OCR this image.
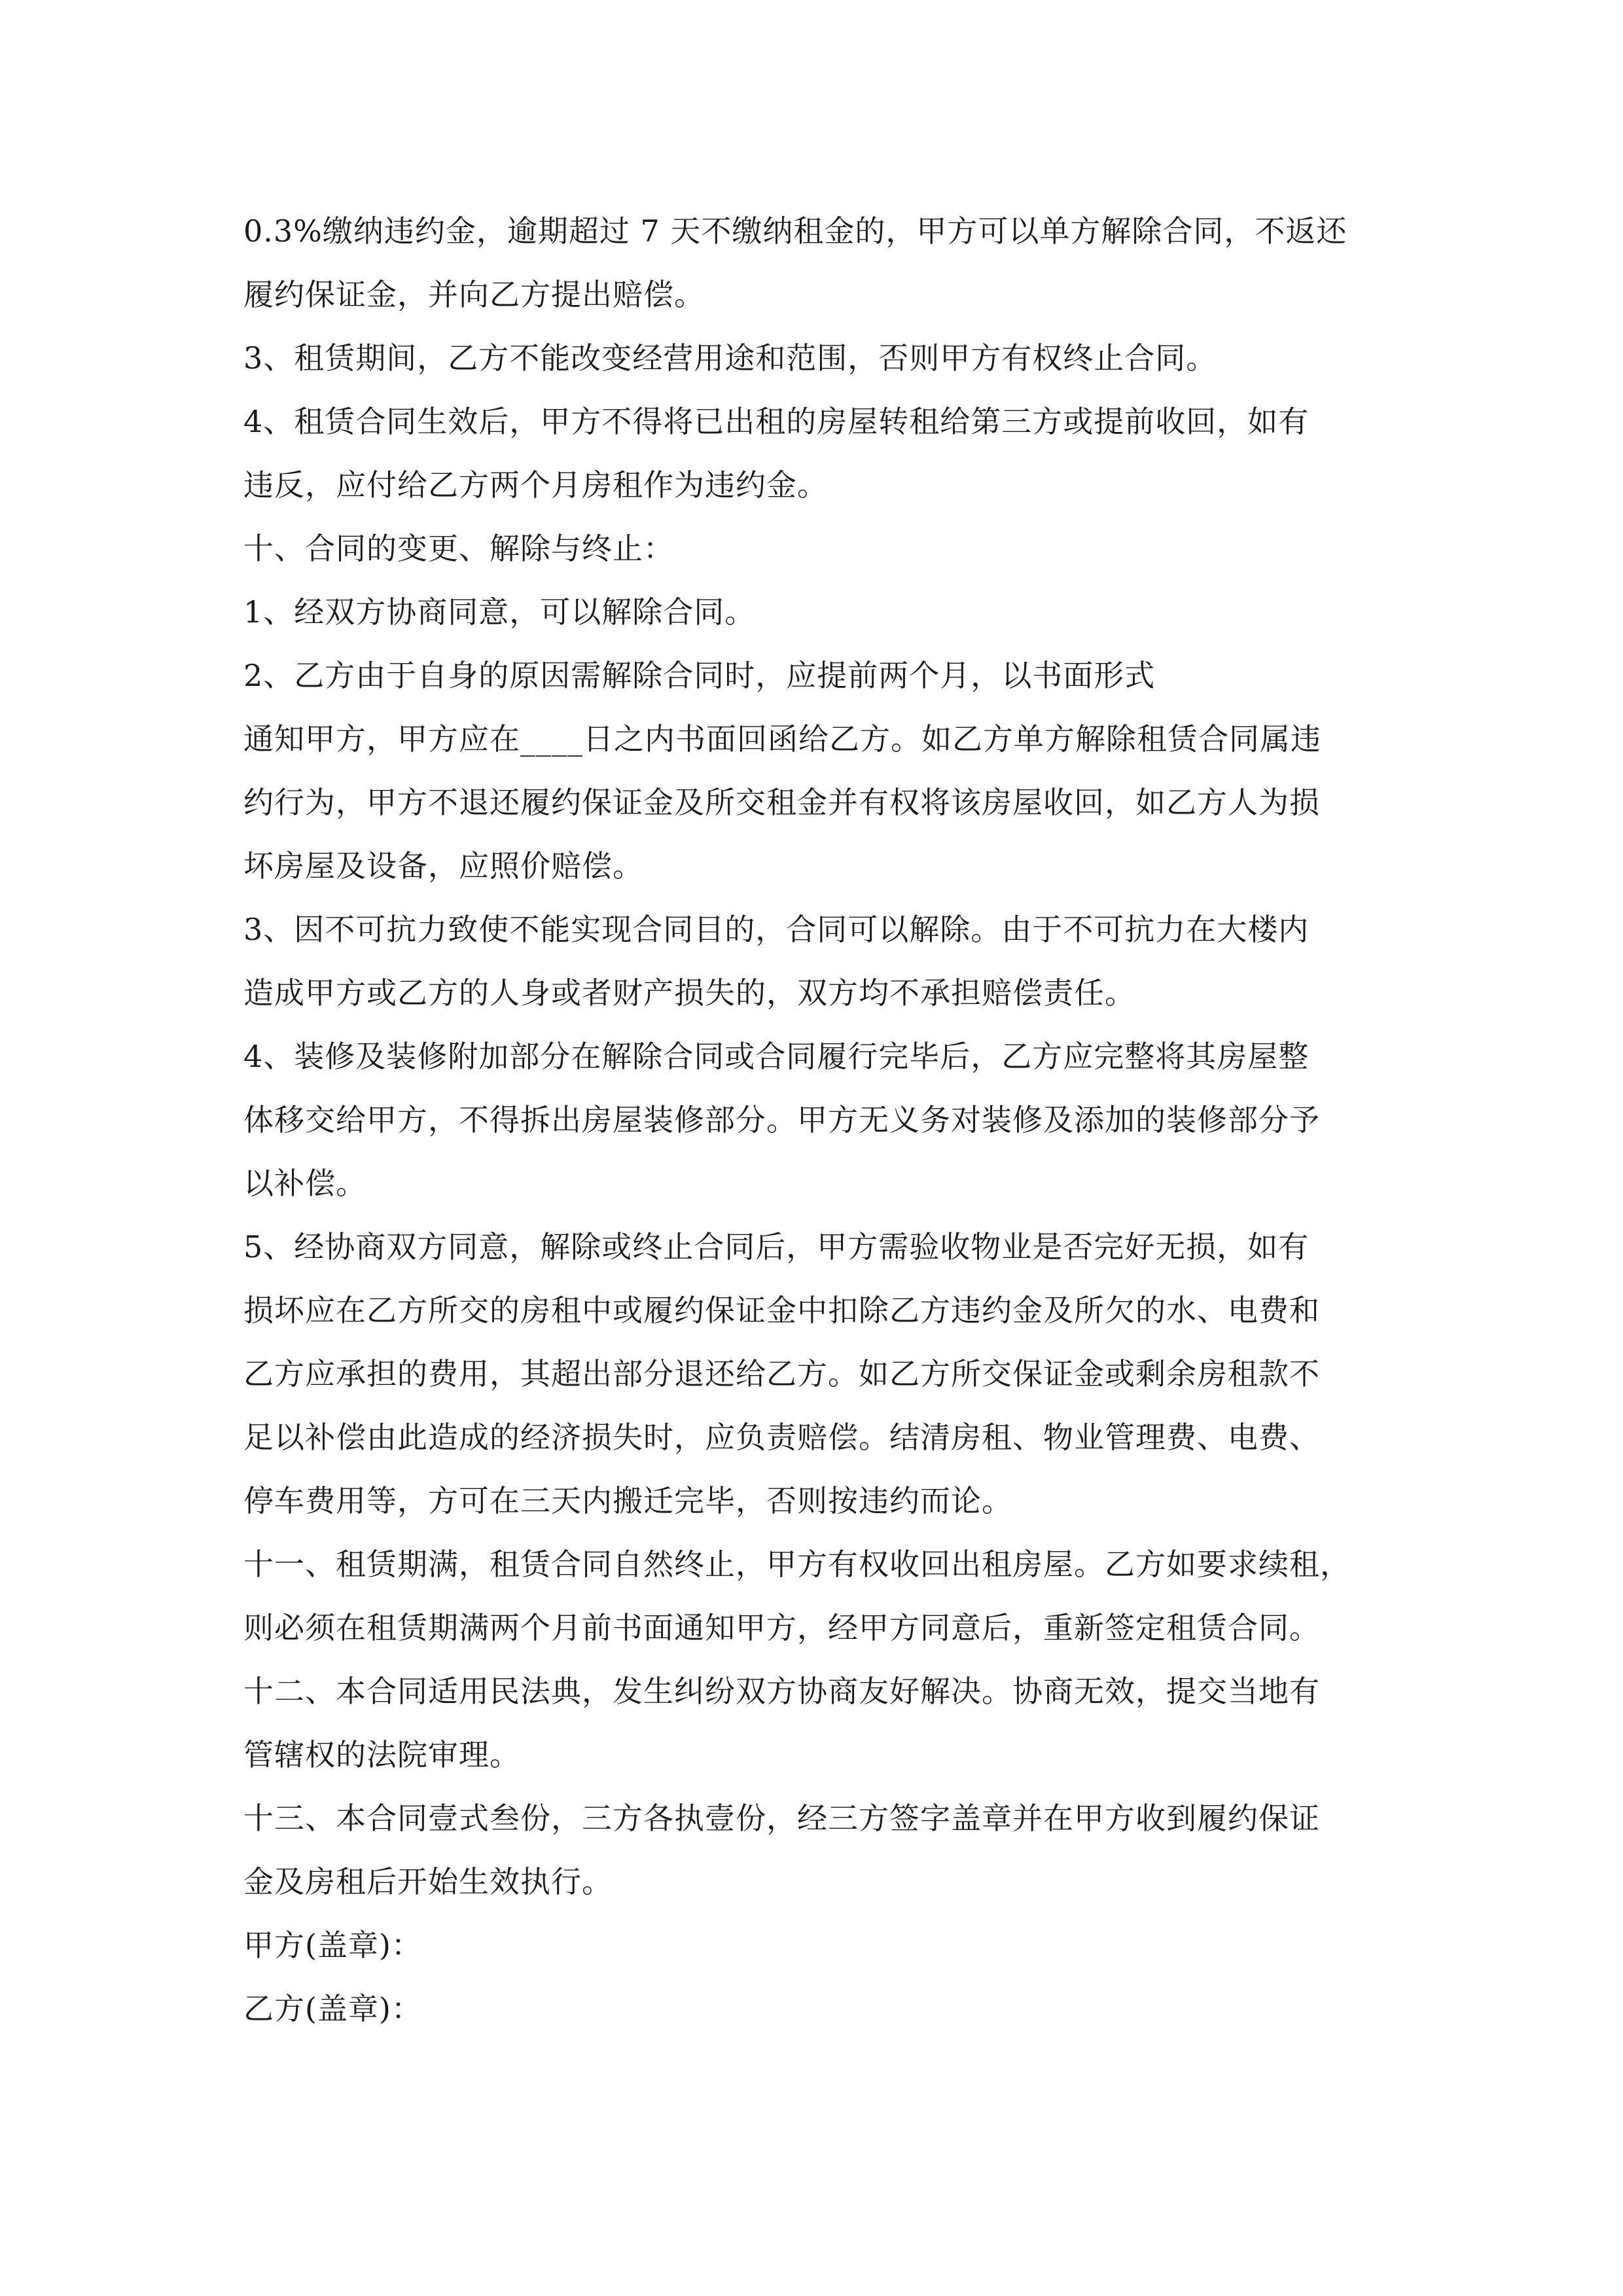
0.3%缴纳违约金，逾期超过 7 天不缴纳租金的，甲方可以单方解除合同，不返还
履约保证金，并向乙方提出赔偿。

3、租赁期间，乙方不能改变经营用途和范围，否则甲方有权终止合同。

4、租赁合同生效后，甲方不得将已出租的房屋转租给第三方或提前收回，如有
违反，应付给乙方两个月房租作为违约金。

十、合同的变更、解除与终止：

1、经双方协商同意，可以解除合同。

2、乙方由于自身的原因需解除合同时，应提前两个月，以书面形式

通知甲方，甲方应在____日之内书面回函给乙方。如乙方单方解除租赁合同属违
约行为，甲方不退还履约保证金及所交租金并有权将该房屋收回，如乙方人为损
坏房屋及设备，应照价赔偿。

3、因不可抗力致使不能实现合同目的，合同可以解除。由于不可抗力在大楼内
造成甲方或乙方的人身或者财产损失的，双方均不承担赔偿责任。

4、装修及装修附加部分在解除合同或合同履行完毕后，乙方应完整将其房屋整
体移交给甲方，不得拆出房屋装修部分。甲方无义务对装修及添加的装修部分予
以补偿。

5、经协商双方同意，解除或终止合同后，甲方需验收物业是否完好无损，如有
损坏应在乙方所交的房租中或履约保证金中扣除乙方违约金及所欠的水、电费和
乙方应承担的费用，其超出部分退还给乙方。如乙方所交保证金或剩余房租款不
足以补偿由此造成的经济损失时，应负责赔偿。结清房租、物业管理费、电费、
停车费用等，方可在三天内搬迁完毕，否则按违约而论。

十一、租赁期满，租赁合同自然终止，甲方有权收回出租房屋。乙方如要求续租，
则必须在租赁期满两个月前书面通知甲方，经甲方同意后，重新签定租赁合同。

十二、本合同适用民法典，发生纠纷双方协商友好解决。协商无效，提交当地有
管辖权的法院审理。

十三、本合同壹式叁份，三方各执壹份，经三方签字盖章并在甲方收到履约保证
金及房租后开始生效执行。

甲方(盖章)：

乙方(盖章)：
